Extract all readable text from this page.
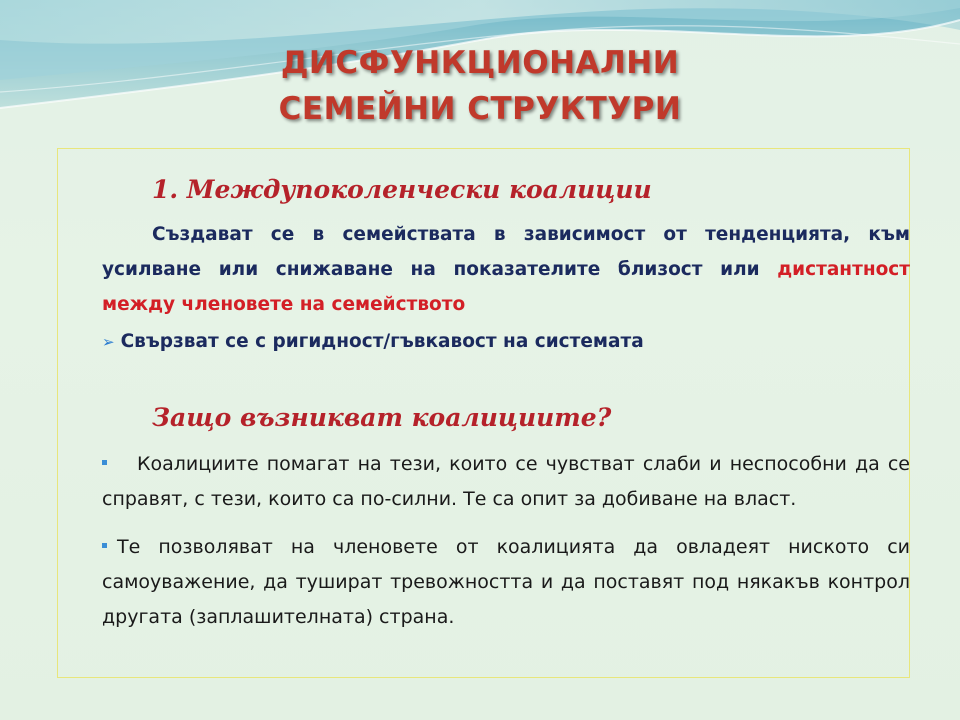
ДИСФУНКЦИОНАЛНИ
СЕМЕЙНИ СТРУКТУРИ
1. Междупоколенчески коалиции
Създават се в семействата в зависимост от тенденцията, към усилване или снижаване на показателите близост или дистантност между членовете на семейството
➢ Свързват се с ригидност/гъвкавост на системата
Защо възникват коалициите?
Коалициите помагат на тези, които се чувстват слаби и неспособни да се справят, с тези, които са по-силни. Те са опит за добиване на власт.
Те позволяват на членовете от коалицията да овладеят ниското си самоуважение, да тушират тревожността и да поставят под някакъв контрол другата (заплашителната) страна.
